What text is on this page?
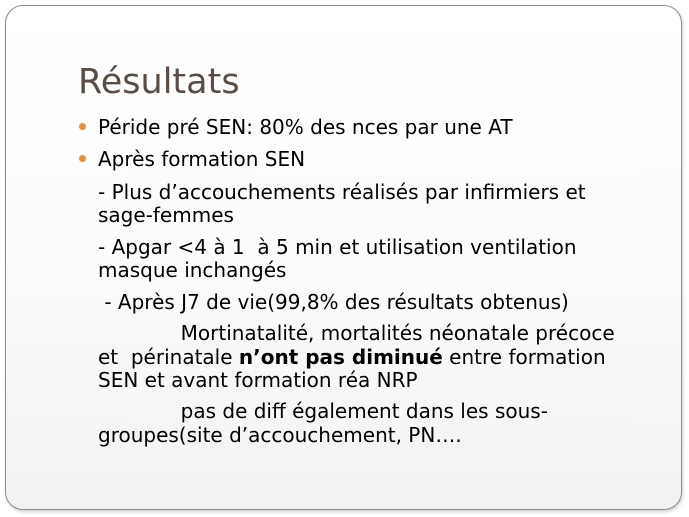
Résultats
Péride pré SEN: 80% des nces par une AT
Après formation SEN
- Plus d’accouchements réalisés par infirmiers et
sage-femmes
- Apgar <4 à 1  à 5 min et utilisation ventilation
masque inchangés
- Après J7 de vie(99,8% des résultats obtenus)
Mortinatalité, mortalités néonatale précoce
et  périnatale n’ont pas diminué entre formation
SEN et avant formation réa NRP
pas de diff également dans les sous-
groupes(site d’accouchement, PN….
